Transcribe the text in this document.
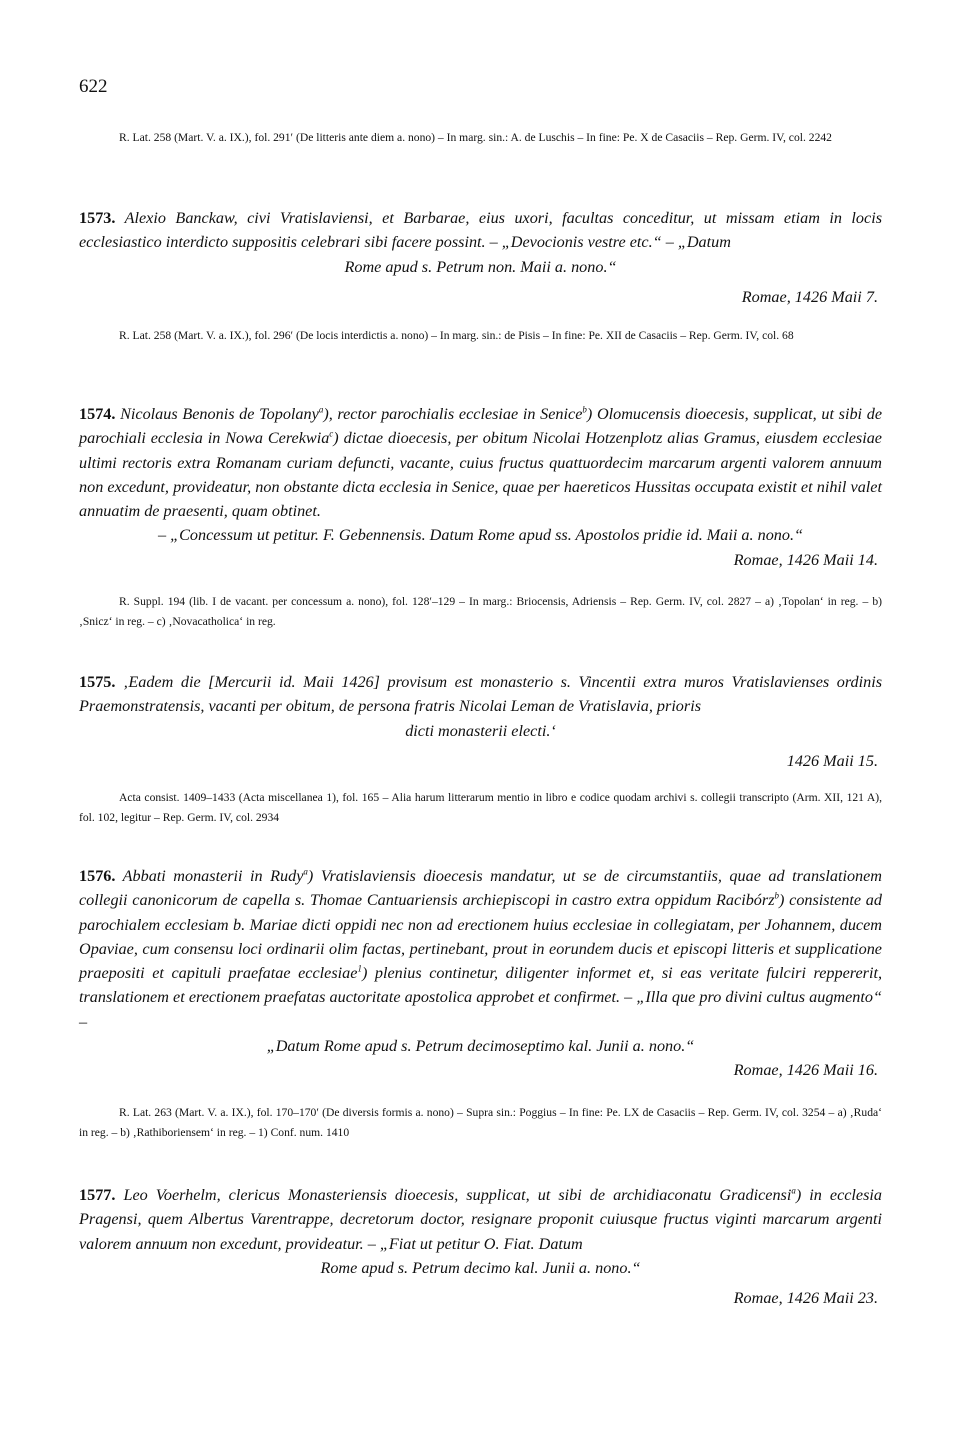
622
R. Lat. 258 (Mart. V. a. IX.), fol. 291′ (De litteris ante diem a. nono) – In marg. sin.: A. de Luschis – In fine: Pe. X de Casaciis – Rep. Germ. IV, col. 2242
1573. Alexio Banckaw, civi Vratislaviensi, et Barbarae, eius uxori, facultas conceditur, ut missam etiam in locis ecclesiastico interdicto suppositis celebrari sibi facere possint. – „Devocionis vestre etc.“ – „Datum
Rome apud s. Petrum non. Maii a. nono.“
Romae, 1426 Maii 7.
R. Lat. 258 (Mart. V. a. IX.), fol. 296′ (De locis interdictis a. nono) – In marg. sin.: de Pisis – In fine: Pe. XII de Casaciis – Rep. Germ. IV, col. 68
1574. Nicolaus Benonis de Topolany$^a$), rector parochialis ecclesiae in Senice$^b$) Olomucensis dioecesis, supplicat, ut sibi de parochiali ecclesia in Nowa Cerekwia$^c$) dictae dioecesis, per obitum Nicolai Hotzenplotz alias Gramus, eiusdem ecclesiae ultimi rectoris extra Romanam curiam defuncti, vacante, cuius fructus quattuordecim marcarum argenti valorem annuum non excedunt, provideatur, non obstante dicta ecclesia in Senice, quae per haereticos Hussitas occupata existit et nihil valet annuatim de praesenti, quam obtinet.
– „Concessum ut petitur. F. Gebennensis. Datum Rome apud ss. Apostolos pridie id. Maii a. nono.“
Romae, 1426 Maii 14.
R. Suppl. 194 (lib. I de vacant. per concessum a. nono), fol. 128′–129 – In marg.: Briocensis, Adriensis – Rep. Germ. IV, col. 2827 – a) ‚Topolan‘ in reg. – b) ‚Snicz‘ in reg. – c) ‚Novacatholica‘ in reg.
1575. ‚Eadem die [Mercurii id. Maii 1426] provisum est monasterio s. Vincentii extra muros Vratislavienses ordinis Praemonstratensis, vacanti per obitum, de persona fratris Nicolai Leman de Vratislavia, prioris
dicti monasterii electi.‘
1426 Maii 15.
Acta consist. 1409–1433 (Acta miscellanea 1), fol. 165 – Alia harum litterarum mentio in libro e codice quodam archivi s. collegii transcripto (Arm. XII, 121 A), fol. 102, legitur – Rep. Germ. IV, col. 2934
1576. Abbati monasterii in Rudy$^a$) Vratislaviensis dioecesis mandatur, ut se de circumstantiis, quae ad translationem collegii canonicorum de capella s. Thomae Cantuariensis archiepiscopi in castro extra oppidum Racibórz$^b$) consistente ad parochialem ecclesiam b. Mariae dicti oppidi nec non ad erectionem huius ecclesiae in collegiatam, per Johannem, ducem Opaviae, cum consensu loci ordinarii olim factas, pertinebant, prout in eorundem ducis et episcopi litteris et supplicatione praepositi et capituli praefatae ecclesiae$^1$) plenius continetur, diligenter informet et, si eas veritate fulciri reppererit, translationem et erectionem praefatas auctoritate apostolica approbet et confirmet. – „Illa que pro divini cultus augmento“ –
„Datum Rome apud s. Petrum decimoseptimo kal. Junii a. nono.“
Romae, 1426 Maii 16.
R. Lat. 263 (Mart. V. a. IX.), fol. 170–170′ (De diversis formis a. nono) – Supra sin.: Poggius – In fine: Pe. LX de Casaciis – Rep. Germ. IV, col. 3254 – a) ‚Ruda‘ in reg. – b) ‚Rathiboriensem‘ in reg. – 1) Conf. num. 1410
1577. Leo Voerhelm, clericus Monasteriensis dioecesis, supplicat, ut sibi de archidiaconatu Gradicensi$^a$) in ecclesia Pragensi, quem Albertus Varentrappe, decretorum doctor, resignare proponit cuiusque fructus viginti marcarum argenti valorem annuum non excedunt, provideatur. – „Fiat ut petitur O. Fiat. Datum
Rome apud s. Petrum decimo kal. Junii a. nono.“
Romae, 1426 Maii 23.
